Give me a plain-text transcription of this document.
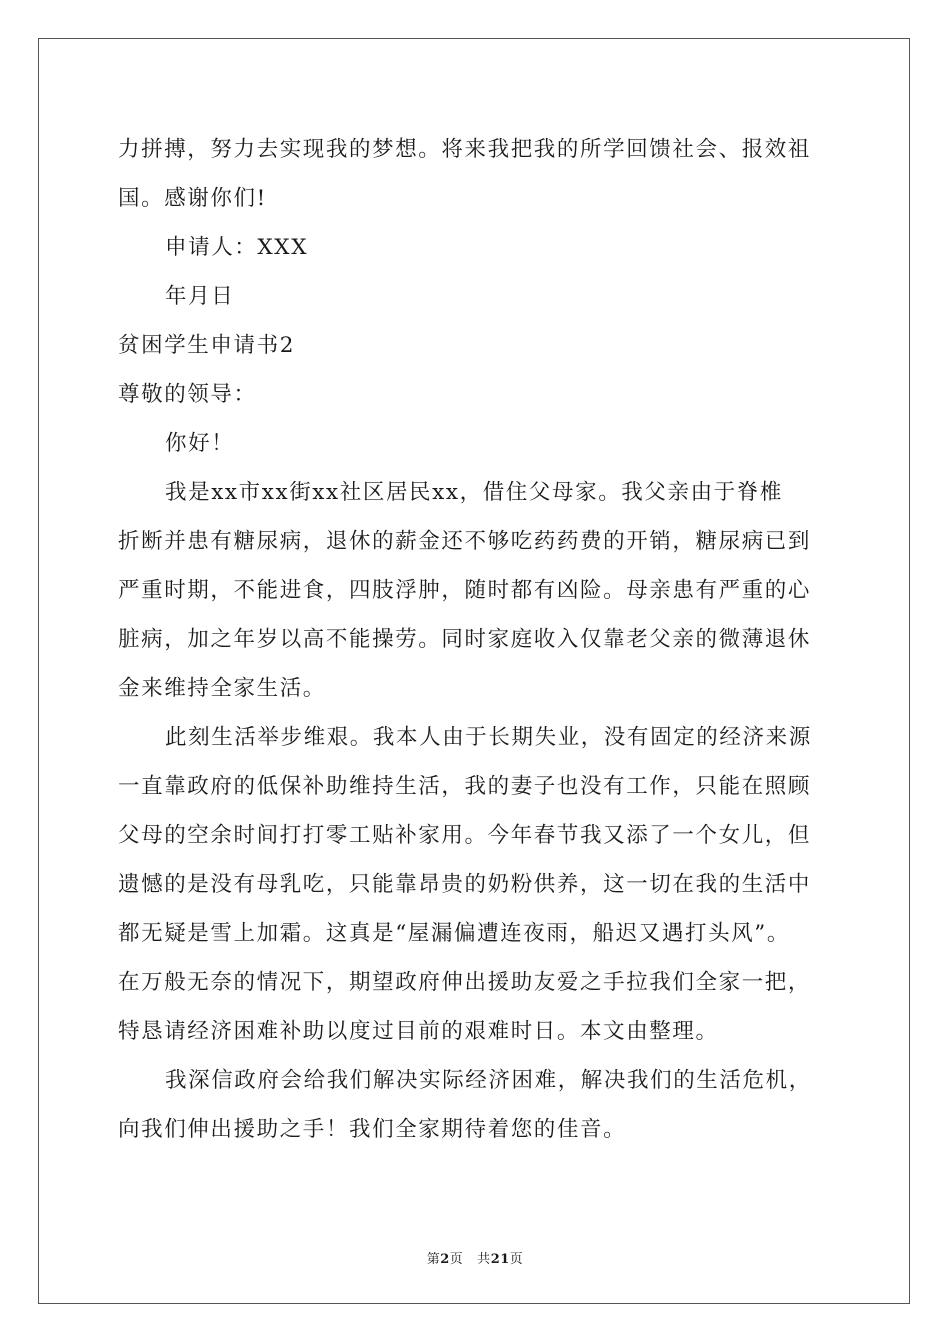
力拼搏，努力去实现我的梦想。将来我把我的所学回馈社会、报效祖
国。感谢你们!
申请人：XXX
年月日
贫困学生申请书2
尊敬的领导：
你好！
我是xx市xx街xx社区居民xx，借住父母家。我父亲由于脊椎
折断并患有糖尿病，退休的薪金还不够吃药药费的开销，糖尿病已到
严重时期，不能进食，四肢浮肿，随时都有凶险。母亲患有严重的心
脏病，加之年岁以高不能操劳。同时家庭收入仅靠老父亲的微薄退休
金来维持全家生活。
此刻生活举步维艰。我本人由于长期失业，没有固定的经济来源
一直靠政府的低保补助维持生活，我的妻子也没有工作，只能在照顾
父母的空余时间打打零工贴补家用。今年春节我又添了一个女儿，但
遗憾的是没有母乳吃，只能靠昂贵的奶粉供养，这一切在我的生活中
都无疑是雪上加霜。这真是“屋漏偏遭连夜雨，船迟又遇打头风”。
在万般无奈的情况下，期望政府伸出援助友爱之手拉我们全家一把，
特恳请经济困难补助以度过目前的艰难时日。本文由整理。
我深信政府会给我们解决实际经济困难，解决我们的生活危机，
向我们伸出援助之手！我们全家期待着您的佳音。
第2页 共21页
